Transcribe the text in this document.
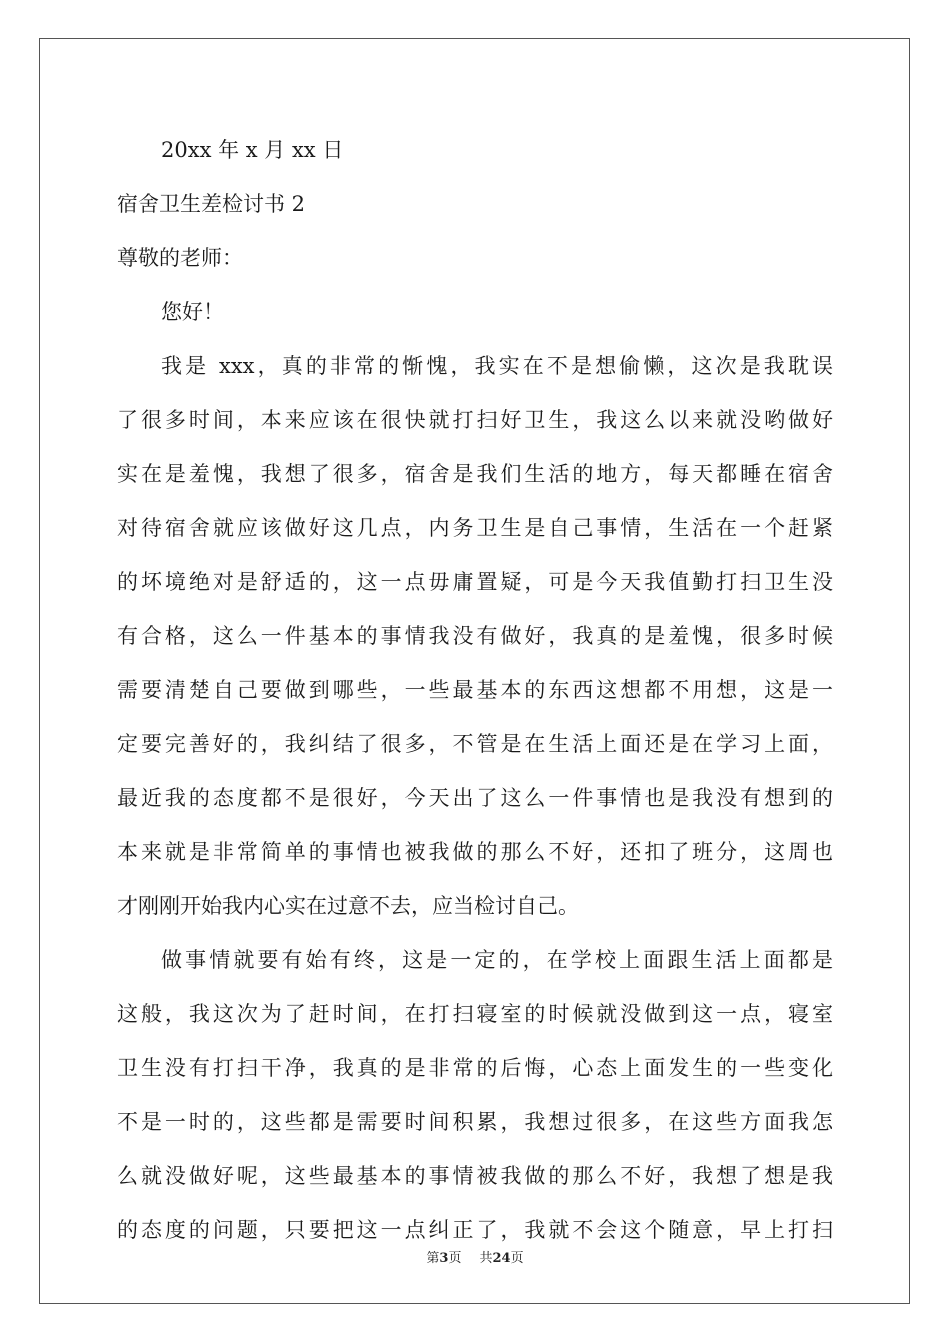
20xx 年 x 月 xx 日
宿舍卫生差检讨书 2
尊敬的老师：
您好！
我是 xxx，真的非常的惭愧，我实在不是想偷懒，这次是我耽误
了很多时间，本来应该在很快就打扫好卫生，我这么以来就没哟做好
实在是羞愧，我想了很多，宿舍是我们生活的地方，每天都睡在宿舍
对待宿舍就应该做好这几点，内务卫生是自己事情，生活在一个赶紧
的坏境绝对是舒适的，这一点毋庸置疑，可是今天我值勤打扫卫生没
有合格，这么一件基本的事情我没有做好，我真的是羞愧，很多时候
需要清楚自己要做到哪些，一些最基本的东西这想都不用想，这是一
定要完善好的，我纠结了很多，不管是在生活上面还是在学习上面，
最近我的态度都不是很好，今天出了这么一件事情也是我没有想到的
本来就是非常简单的事情也被我做的那么不好，还扣了班分，这周也
才刚刚开始我内心实在过意不去，应当检讨自己。
做事情就要有始有终，这是一定的，在学校上面跟生活上面都是
这般，我这次为了赶时间，在打扫寝室的时候就没做到这一点，寝室
卫生没有打扫干净，我真的是非常的后悔，心态上面发生的一些变化
不是一时的，这些都是需要时间积累，我想过很多，在这些方面我怎
么就没做好呢，这些最基本的事情被我做的那么不好，我想了想是我
的态度的问题，只要把这一点纠正了，我就不会这个随意，早上打扫
第3页 共24页
